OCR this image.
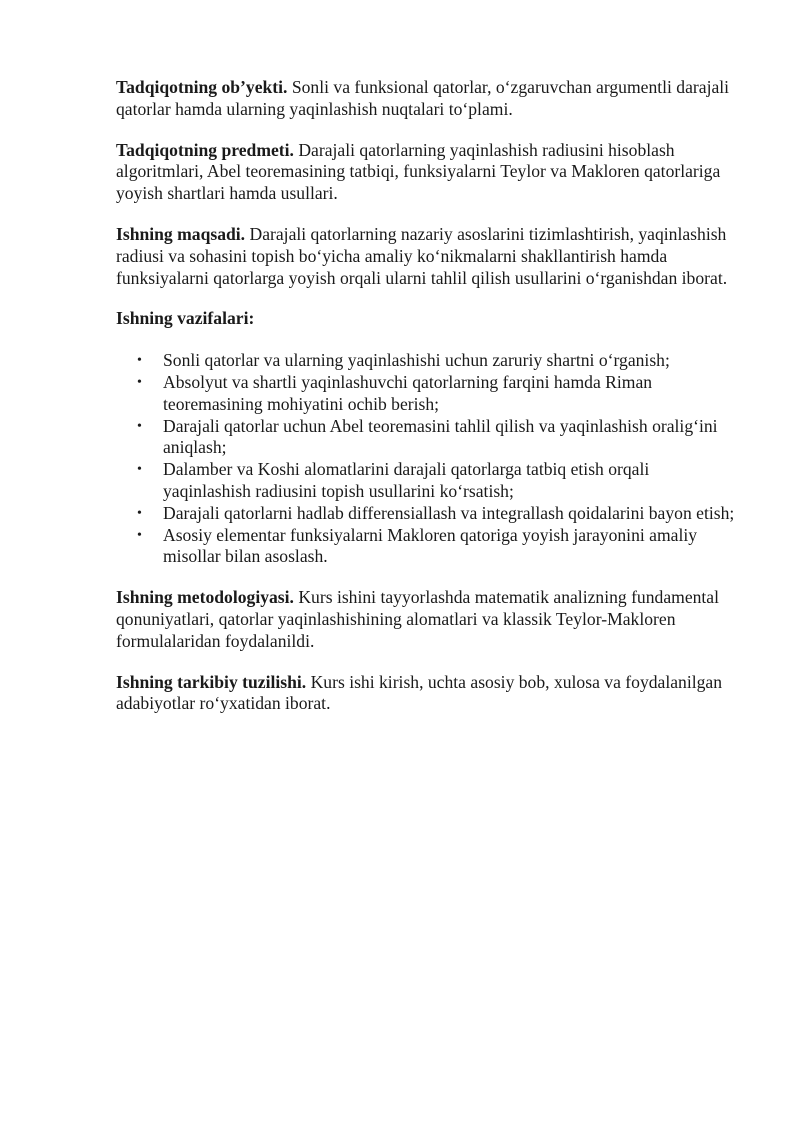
Tadqiqotning ob’yekti. Sonli va funksional qatorlar, o‘zgaruvchan argumentli darajali qatorlar hamda ularning yaqinlashish nuqtalari to‘plami.

Tadqiqotning predmeti. Darajali qatorlarning yaqinlashish radiusini hisoblash algoritmlari, Abel teoremasining tatbiqi, funksiyalarni Teylor va Makloren qatorlariga yoyish shartlari hamda usullari.

Ishning maqsadi. Darajali qatorlarning nazariy asoslarini tizimlashtirish, yaqinlashish radiusi va sohasini topish bo‘yicha amaliy ko‘nikmalarni shakllantirish hamda funksiyalarni qatorlarga yoyish orqali ularni tahlil qilish usullarini o‘rganishdan iborat.

Ishning vazifalari:

• Sonli qatorlar va ularning yaqinlashishi uchun zaruriy shartni o‘rganish;
• Absolyut va shartli yaqinlashuvchi qatorlarning farqini hamda Riman teoremasining mohiyatini ochib berish;
• Darajali qatorlar uchun Abel teoremasini tahlil qilish va yaqinlashish oralig‘ini aniqlash;
• Dalamber va Koshi alomatlarini darajali qatorlarga tatbiq etish orqali yaqinlashish radiusini topish usullarini ko‘rsatish;
• Darajali qatorlarni hadlab differensiallash va integrallash qoidalarini bayon etish;
• Asosiy elementar funksiyalarni Makloren qatoriga yoyish jarayonini amaliy misollar bilan asoslash.

Ishning metodologiyasi. Kurs ishini tayyorlashda matematik analizning fundamental qonuniyatlari, qatorlar yaqinlashishining alomatlari va klassik Teylor-Makloren formulalaridan foydalanildi.

Ishning tarkibiy tuzilishi. Kurs ishi kirish, uchta asosiy bob, xulosa va foydalanilgan adabiyotlar ro‘yxatidan iborat.
